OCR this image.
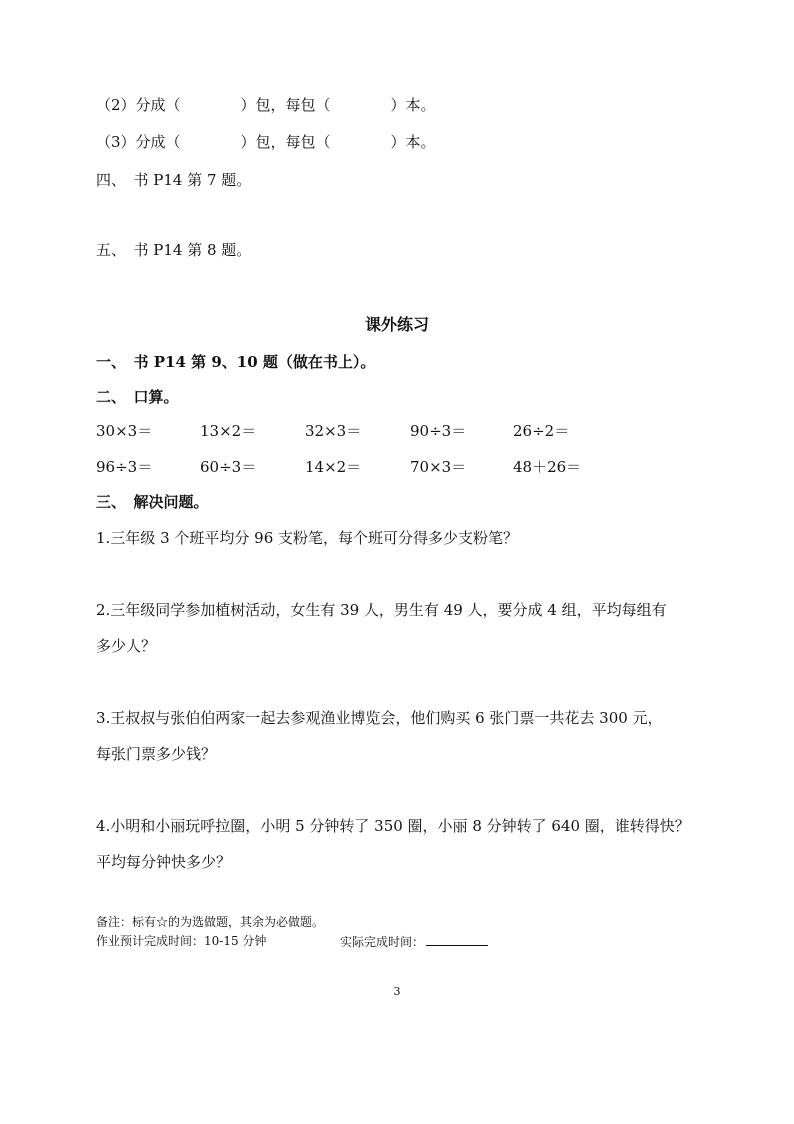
（2）分成（　　　　）包，每包（　　　　）本。
（3）分成（　　　　）包，每包（　　　　）本。
四、　书 P14 第 7 题。
五、　书 P14 第 8 题。
课外练习
一、　书 P14 第 9、10 题（做在书上）。
二、　口算。
30×3＝	13×2＝	32×3＝	90÷3＝	26÷2＝
96÷3＝	60÷3＝	14×2＝	70×3＝	48＋26＝
三、　解决问题。
1.三年级 3 个班平均分 96 支粉笔，每个班可分得多少支粉笔？
2.三年级同学参加植树活动，女生有 39 人，男生有 49 人，要分成 4 组，平均每组有
多少人？
3.王叔叔与张伯伯两家一起去参观渔业博览会，他们购买 6 张门票一共花去 300 元，
每张门票多少钱？
4.小明和小丽玩呼拉圈，小明 5 分钟转了 350 圈，小丽 8 分钟转了 640 圈，谁转得快？
平均每分钟快多少？
备注：标有☆的为选做题，其余为必做题。
作业预计完成时间：10-15 分钟	实际完成时间：
3
